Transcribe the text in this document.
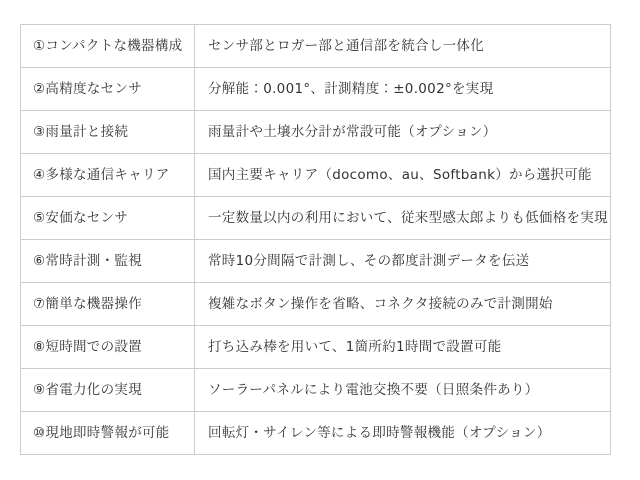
①コンパクトな機器構成	センサ部とロガー部と通信部を統合し一体化
②高精度なセンサ	分解能：0.001°、計測精度：±0.002°を実現
③雨量計と接続	雨量計や土壌水分計が常設可能（オプション）
④多様な通信キャリア	国内主要キャリア（docomo、au、Softbank）から選択可能
⑤安価なセンサ	一定数量以内の利用において、従来型感太郎よりも低価格を実現
⑥常時計測・監視	常時10分間隔で計測し、その都度計測データを伝送
⑦簡単な機器操作	複雑なボタン操作を省略、コネクタ接続のみで計測開始
⑧短時間での設置	打ち込み棒を用いて、1箇所約1時間で設置可能
⑨省電力化の実現	ソーラーパネルにより電池交換不要（日照条件あり）
⑩現地即時警報が可能	回転灯・サイレン等による即時警報機能（オプション）
